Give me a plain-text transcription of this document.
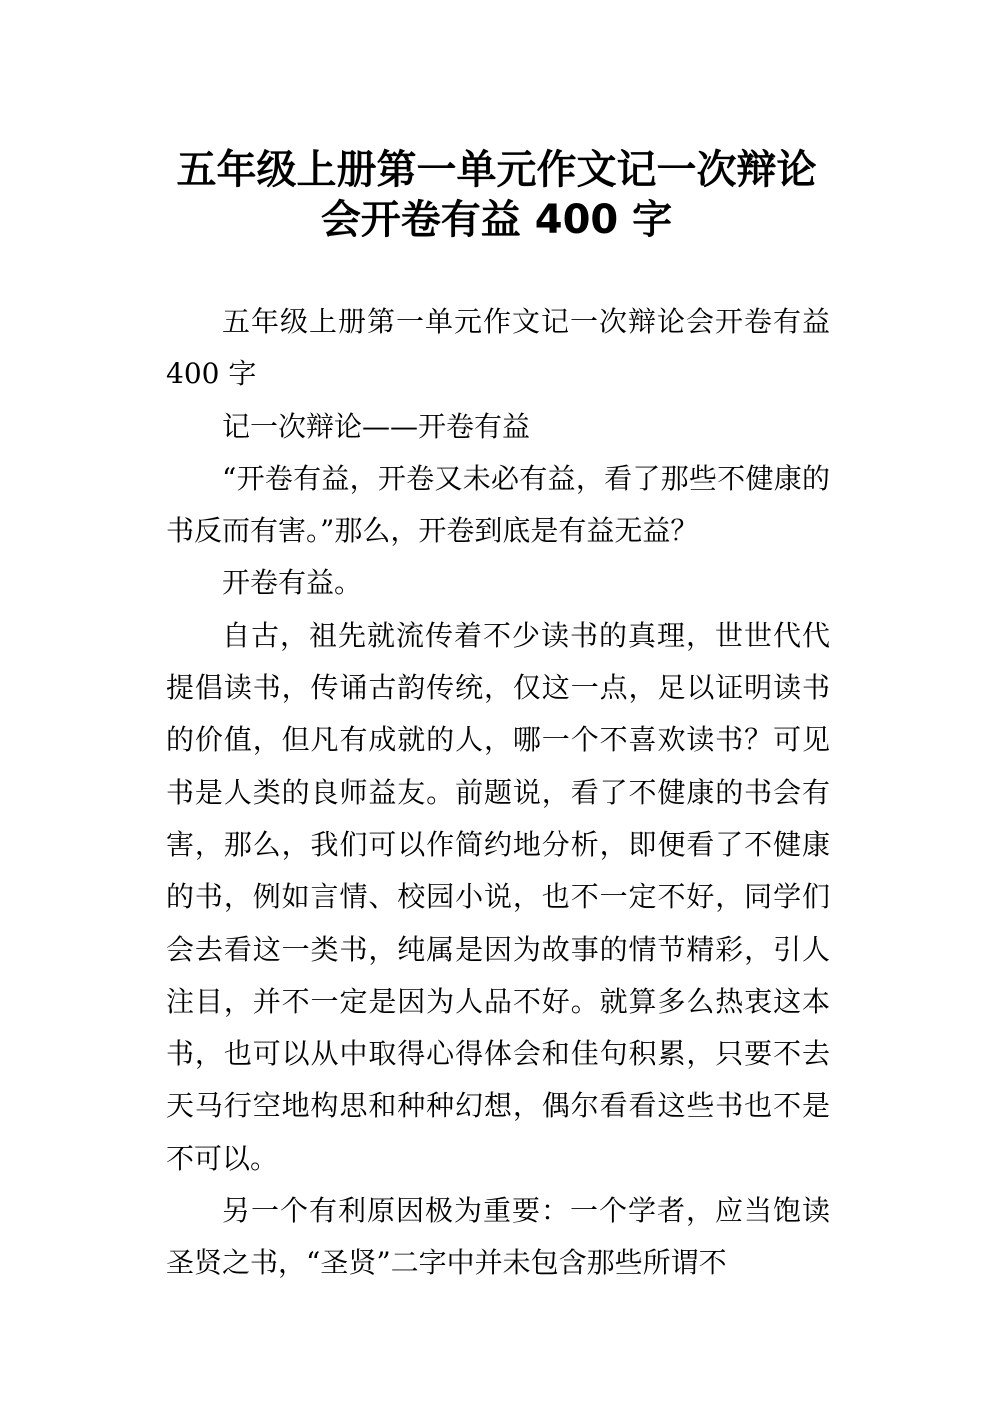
五年级上册第一单元作文记一次辩论
会开卷有益 400 字

五年级上册第一单元作文记一次辩论会开卷有益 400 字

记一次辩论——开卷有益

“开卷有益，开卷又未必有益，看了那些不健康的书反而有害。”那么，开卷到底是有益无益？

开卷有益。

自古，祖先就流传着不少读书的真理，世世代代提倡读书，传诵古韵传统，仅这一点，足以证明读书的价值，但凡有成就的人，哪一个不喜欢读书？可见书是人类的良师益友。前题说，看了不健康的书会有害，那么，我们可以作简约地分析，即便看了不健康的书，例如言情、校园小说，也不一定不好，同学们会去看这一类书，纯属是因为故事的情节精彩，引人注目，并不一定是因为人品不好。就算多么热衷这本书，也可以从中取得心得体会和佳句积累，只要不去天马行空地构思和种种幻想，偶尔看看这些书也不是不可以。

另一个有利原因极为重要：一个学者，应当饱读圣贤之书，“圣贤”二字中并未包含那些所谓不
